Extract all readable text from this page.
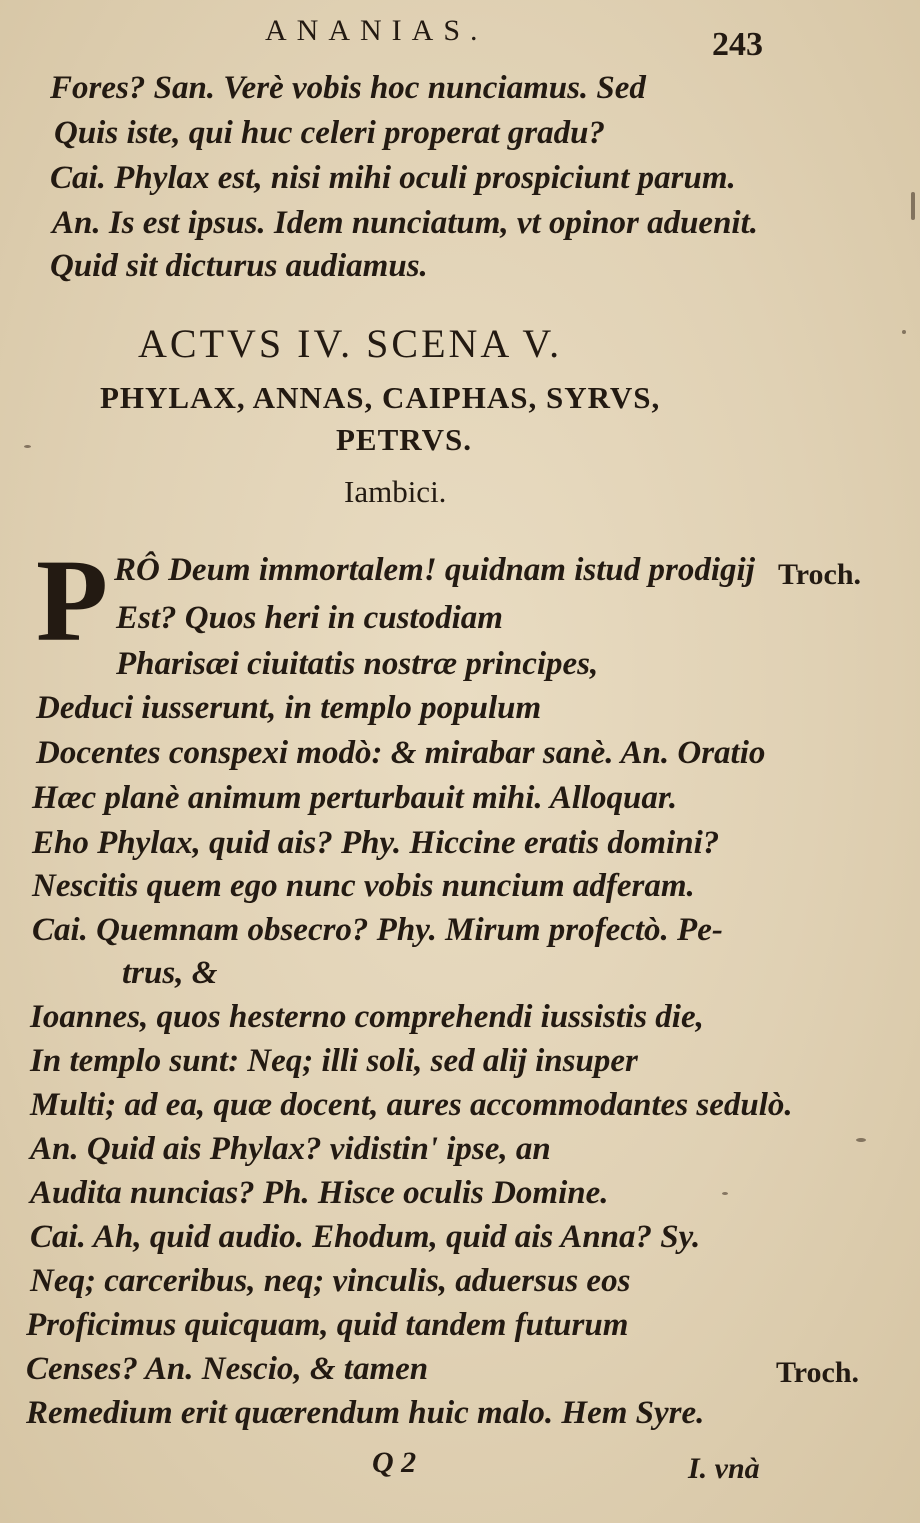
ANANIAS.	243
Fores? San. Verè vobis hoc nunciamus. Sed
Quis iste, qui huc celeri properat gradu?
Cai. Phylax est, nisi mihi oculi prospiciunt parum.
An. Is est ipsus. Idem nunciatum, vt opinor aduenit.
Quid sit dicturus audiamus.
ACTVS IV. SCENA V.
PHYLAX, ANNAS, CAIPHAS, SYRVS,
PETRVS.
Iambici.
P RÔ Deum immortalem! quidnam istud prodigij
Est? Quos heri in custodiam
Pharisæi ciuitatis nostræ principes,
Deduci iusserunt, in templo populum
Docentes conspexi modò: & mirabar sanè. An. Oratio
Hæc planè animum perturbauit mihi. Alloquar.
Eho Phylax, quid ais? Phy. Hiccine eratis domini?
Nescitis quem ego nunc vobis nuncium adferam.
Cai. Quemnam obsecro? Phy. Mirum profectò. Pe-
trus, &
Ioannes, quos hesterno comprehendi iussistis die,
In templo sunt: Neq; illi soli, sed alij insuper
Multi; ad ea, quæ docent, aures accommodantes sedulò.
An. Quid ais Phylax? vidistin' ipse, an
Audita nuncias? Ph. Hisce oculis Domine.
Cai. Ah, quid audio. Ehodum, quid ais Anna? Sy.
Neq; carceribus, neq; vinculis, aduersus eos
Proficimus quicquam, quid tandem futurum
Censes? An. Nescio, & tamen
Remedium erit quærendum huic malo. Hem Syre.
Troch.
Troch.
Q 2	I. vnà
